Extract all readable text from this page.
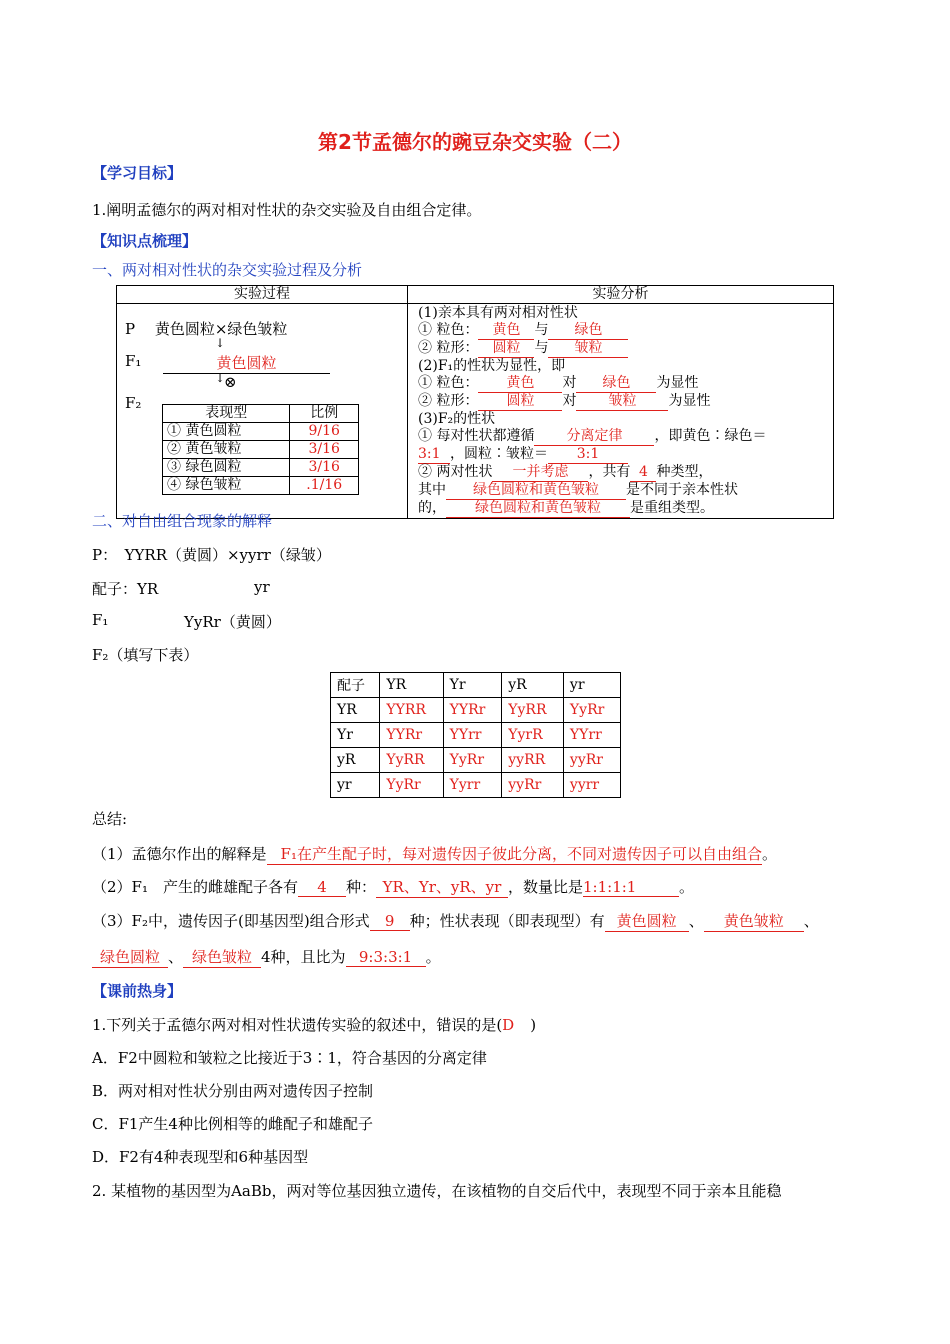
第2节孟德尔的豌豆杂交实验（二）
【学习目标】
1.阐明孟德尔的两对相对性状的杂交实验及自由组合定律。
【知识点梳理】
一、两对相对性状的杂交实验过程及分析
实验过程	实验分析

P　 黄色圆粒×绿色皱粒
↓
F₁	黄色圆粒
↓
⊗
F₂
表现型	比例
① 黄色圆粒	9/16
② 黄色皱粒	3/16
③ 绿色圆粒	3/16
④ 绿色皱粒	.1/16

(1)亲本具有两对相对性状
① 粒色： 黄色 与 绿色
② 粒形： 圆粒 与 皱粒
(2)F₁的性状为显性，即
① 粒色： 黄色 对 绿色 为显性
② 粒形： 圆粒 对 皱粒 为显性
(3)F₂的性状
① 每对性状都遵循 分离定律 ，即黄色∶绿色＝
3:1 ，圆粒∶皱粒＝ 3:1
② 两对性状 一并考虑 ，共有 4 种类型，
其中 绿色圆粒和黄色皱粒 是不同于亲本性状
的， 绿色圆粒和黄色皱粒 是重组类型。
二、对自由组合现象的解释
P：　YYRR（黄圆）×yyrr（绿皱）
配子：YR	yr
F₁	YyRr（黄圆）
F₂（填写下表）
配子	YR	Yr	yR	yr
YR	YYRR	YYRr	YyRR	YyRr
Yr	YYRr	YYrr	YyrR	YYrr
yR	YyRR	YyRr	yyRR	yyRr
yr	YyRr	Yyrr	yyRr	yyrr
总结:
（1）孟德尔作出的解释是 F₁在产生配子时，每对遗传因子彼此分离，不同对遗传因子可以自由组合。
（2）F₁　产生的雌雄配子各有 4 种： YR、Yr、yR、yr ，数量比是1:1:1:1	。
（3）F₂中，遗传因子(即基因型)组合形式 9 种；性状表现（即表现型）有 黄色圆粒 、 黄色皱粒 、
绿色圆粒 、 绿色皱粒 4种，且比为 9:3:3:1 。
【课前热身】
1.下列关于孟德尔两对相对性状遗传实验的叙述中，错误的是(D )
A．F2中圆粒和皱粒之比接近于3∶1，符合基因的分离定律
B．两对相对性状分别由两对遗传因子控制
C．F1产生4种比例相等的雌配子和雄配子
D．F2有4种表现型和6种基因型
2. 某植物的基因型为AaBb，两对等位基因独立遗传，在该植物的自交后代中，表现型不同于亲本且能稳
